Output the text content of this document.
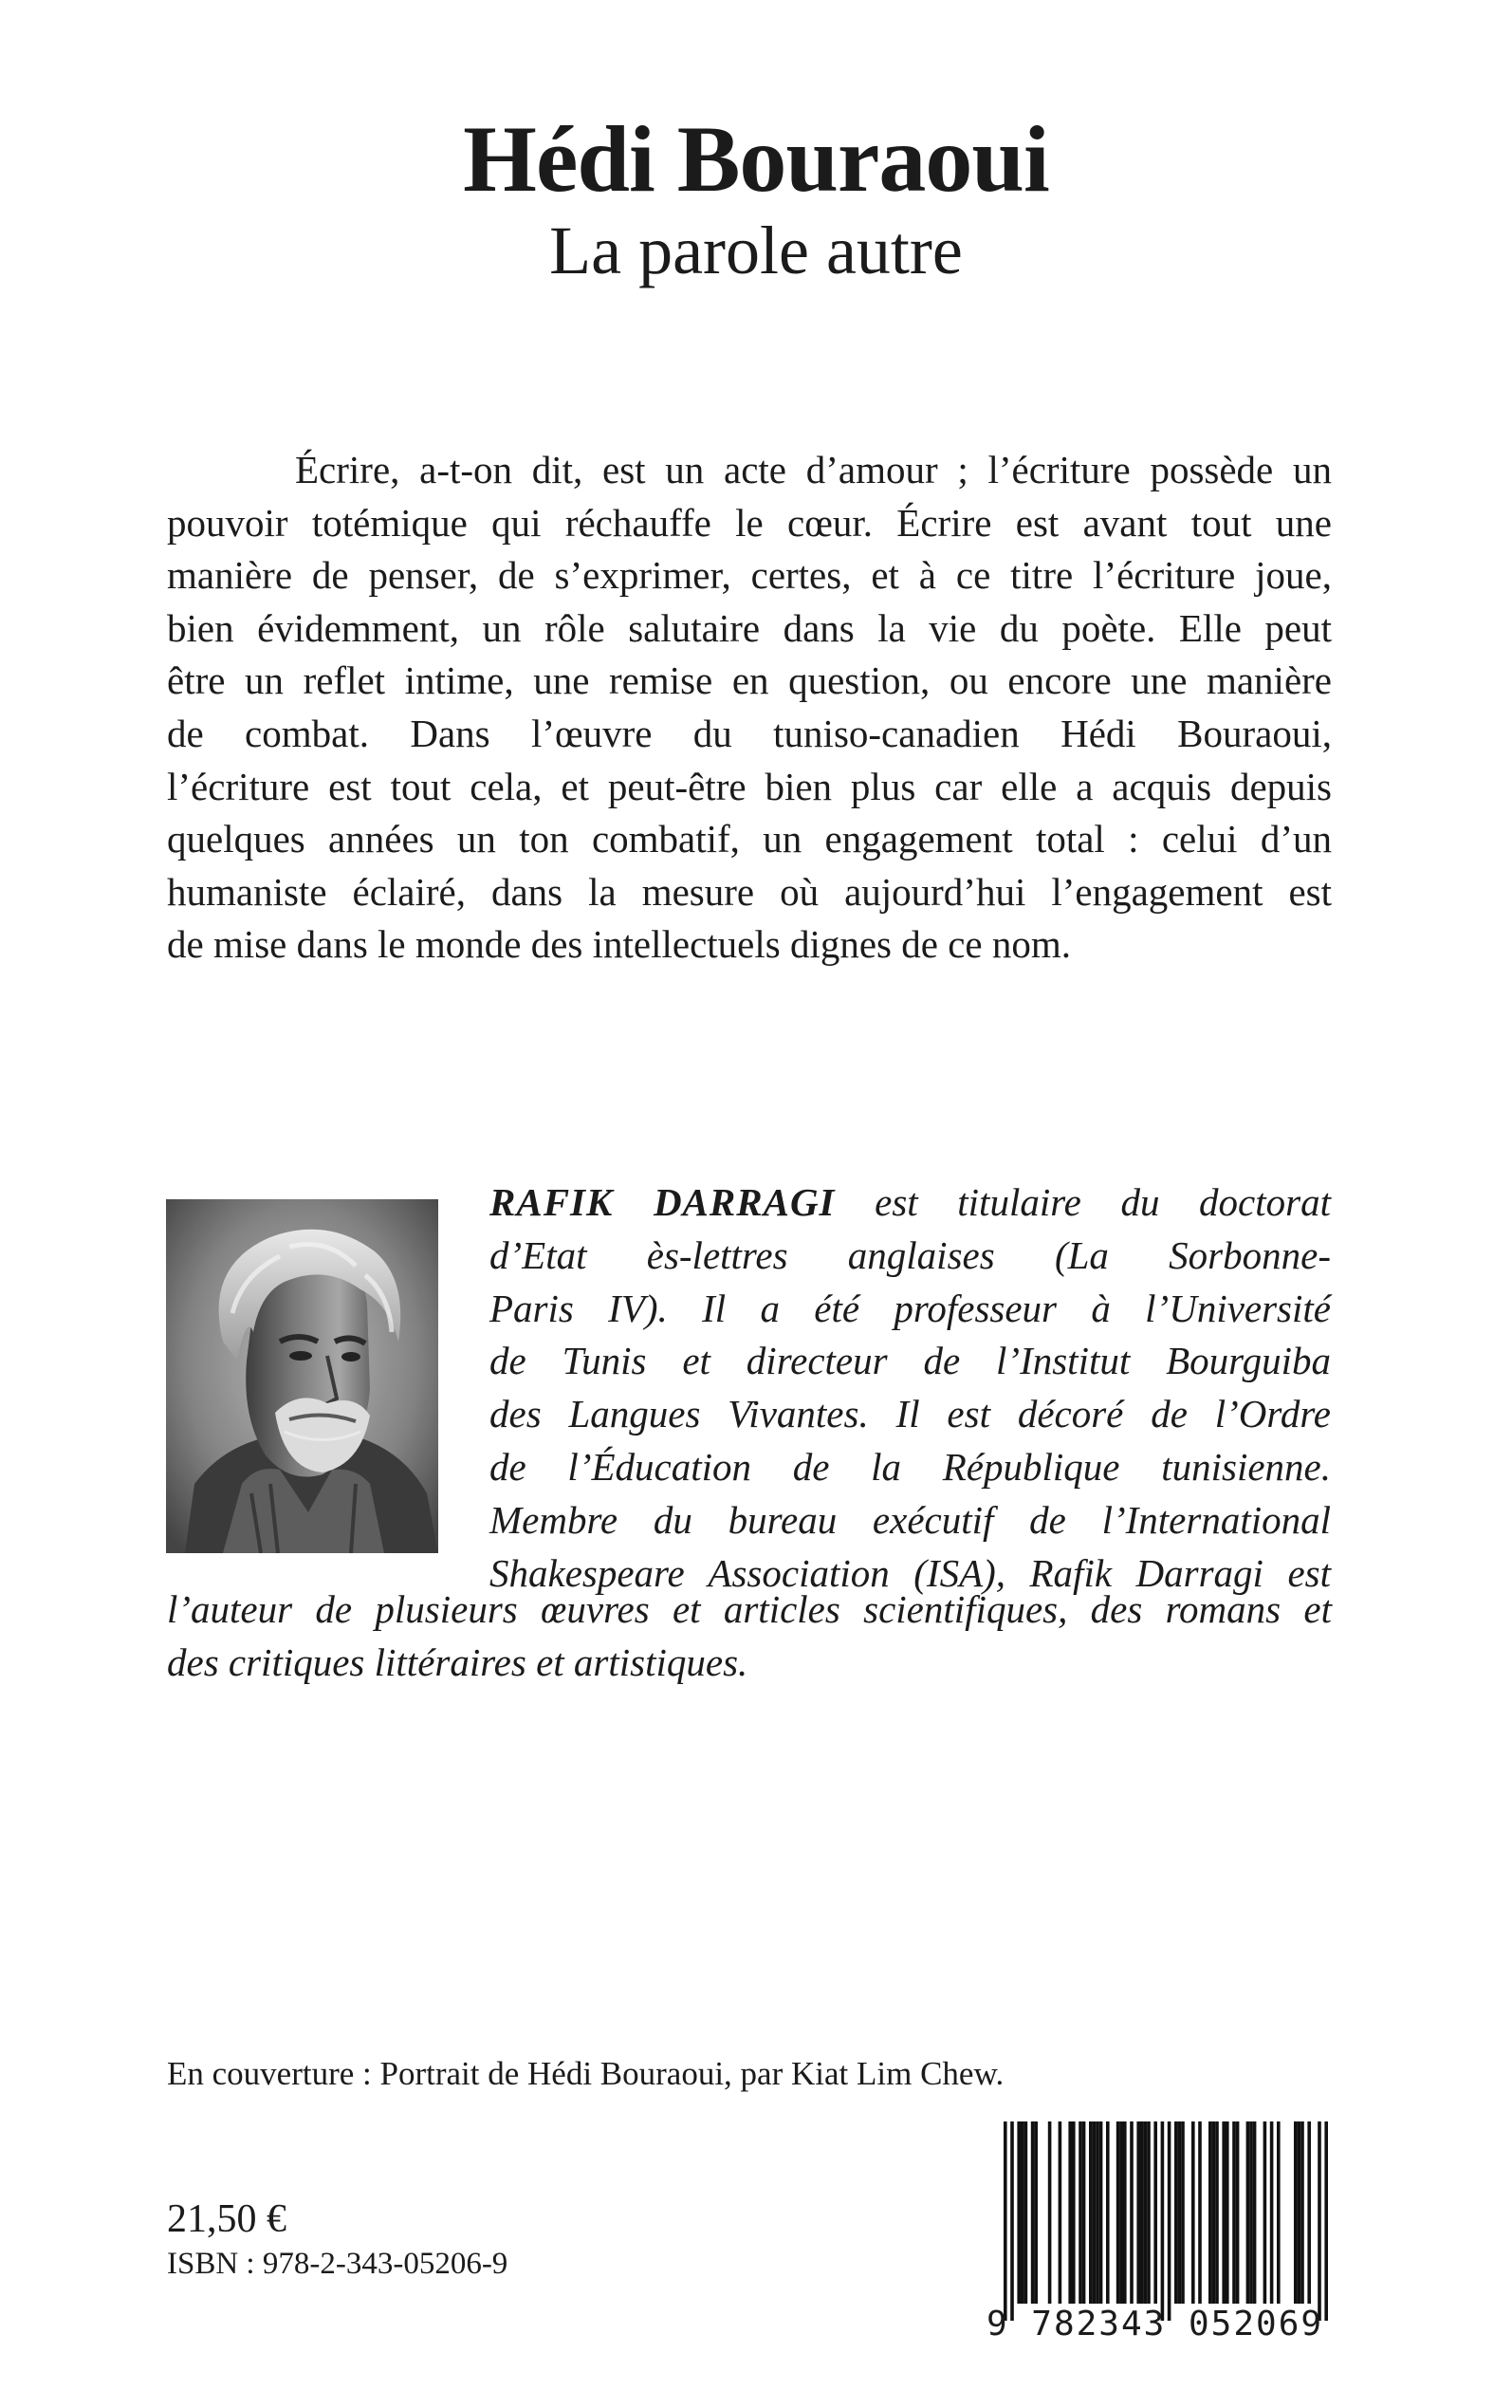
Hédi Bouraoui
La parole autre
Écrire, a-t-on dit, est un acte d’amour ; l’écriture possède un
pouvoir totémique qui réchauffe le cœur. Écrire est avant tout une
manière de penser, de s’exprimer, certes, et à ce titre l’écriture joue,
bien évidemment, un rôle salutaire dans la vie du poète. Elle peut
être un reflet intime, une remise en question, ou encore une manière
de combat. Dans l’œuvre du tuniso-canadien Hédi Bouraoui,
l’écriture est tout cela, et peut-être bien plus car elle a acquis depuis
quelques années un ton combatif, un engagement total : celui d’un
humaniste éclairé, dans la mesure où aujourd’hui l’engagement est
de mise dans le monde des intellectuels dignes de ce nom.
RAFIK DARRAGI est titulaire du doctorat
d’Etat ès-lettres anglaises (La Sorbonne-
Paris IV). Il a été professeur à l’Université
de Tunis et directeur de l’Institut Bourguiba
des Langues Vivantes. Il est décoré de l’Ordre
de l’Éducation de la République tunisienne.
Membre du bureau exécutif de l’International
Shakespeare Association (ISA), Rafik Darragi est
l’auteur de plusieurs œuvres et articles scientifiques, des romans et
des critiques littéraires et artistiques.
En couverture : Portrait de Hédi Bouraoui, par Kiat Lim Chew.
21,50 €
ISBN : 978-2-343-05206-9
9 782343 052069
